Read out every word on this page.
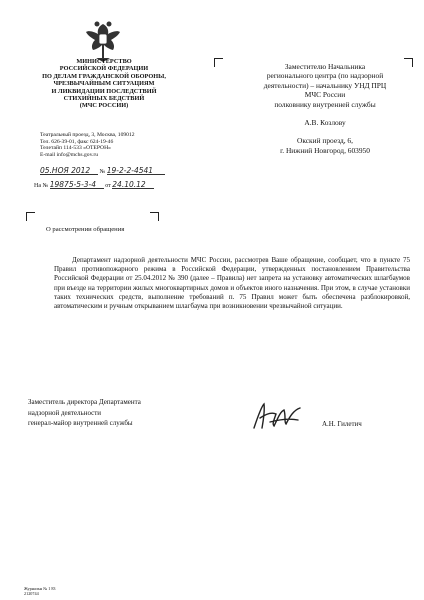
МИНИСТЕРСТВО
РОССИЙСКОЙ ФЕДЕРАЦИИ
ПО ДЕЛАМ ГРАЖДАНСКОЙ ОБОРОНЫ,
ЧРЕЗВЫЧАЙНЫМ СИТУАЦИЯМ
И ЛИКВИДАЦИИ ПОСЛЕДСТВИЙ
СТИХИЙНЫХ БЕДСТВИЙ
(МЧС РОССИИ)
Театральный проезд, 3, Москва, 109012
Тел. 626-39-01, факс 624-19-46
Телетайп 114-533 «ОТЕРОН»
E-mail info@mchs.gov.ru
05.НОЯ 2012 № 19-2-2-4541
На № 19875-5-3-4 от 24.10.12
Заместителю Начальника
регионального центра (по надзорной
деятельности) – начальнику УНД ПРЦ
МЧС России
полковнику внутренней службы
А.В. Козлову
Окский проезд, 6,
г. Нижний Новгород, 603950
О рассмотрении обращения
Департамент надзорной деятельности МЧС России, рассмотрев Ваше обращение, сообщает, что в пункте 75 Правил противопожарного режима в Российской Федерации, утвержденных постановлением Правительства Российской Федерации от 25.04.2012 № 390 (далее – Правила) нет запрета на установку автоматических шлагбаумов при въезде на территории жилых многоквартирных домов и объектов иного назначения. При этом, в случае установки таких технических средств, выполнение требований п. 75 Правил может быть обеспечена разблокировкой, автоматическим и ручным открыванием шлагбаума при возникновении чрезвычайной ситуации.
Заместитель директора Департамента
надзорной деятельности
генерал-майор внутренней службы	А.Н. Гилетич
Журнальн № 1 83
2120744
